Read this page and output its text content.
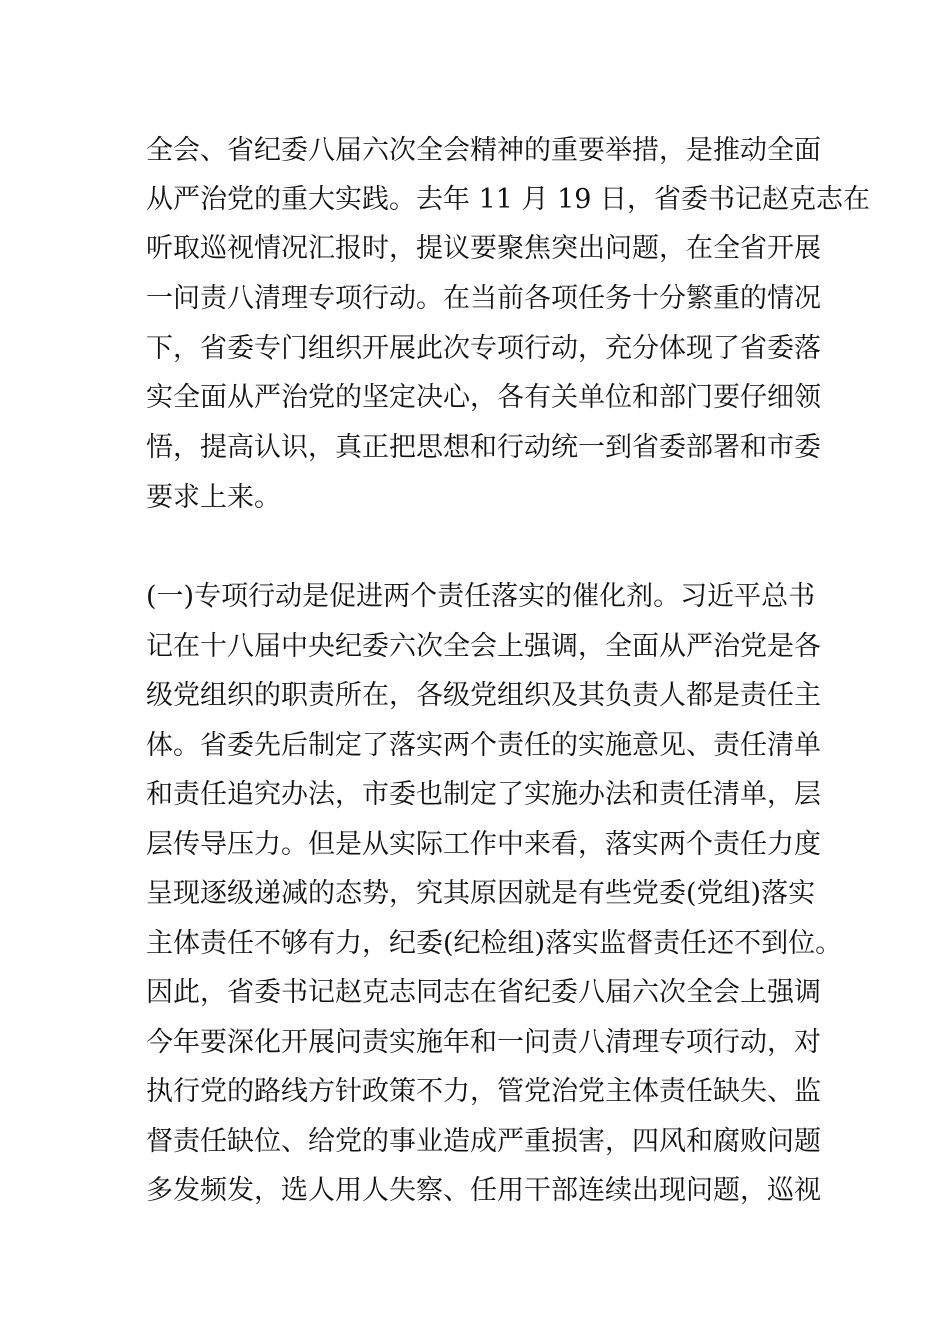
全会、省纪委八届六次全会精神的重要举措，是推动全面
从严治党的重大实践。去年 11 月 19 日，省委书记赵克志在
听取巡视情况汇报时，提议要聚焦突出问题，在全省开展
一问责八清理专项行动。在当前各项任务十分繁重的情况
下，省委专门组织开展此次专项行动，充分体现了省委落
实全面从严治党的坚定决心，各有关单位和部门要仔细领
悟，提高认识，真正把思想和行动统一到省委部署和市委
要求上来。
(一)专项行动是促进两个责任落实的催化剂。习近平总书
记在十八届中央纪委六次全会上强调，全面从严治党是各
级党组织的职责所在，各级党组织及其负责人都是责任主
体。省委先后制定了落实两个责任的实施意见、责任清单
和责任追究办法，市委也制定了实施办法和责任清单，层
层传导压力。但是从实际工作中来看，落实两个责任力度
呈现逐级递减的态势，究其原因就是有些党委(党组)落实
主体责任不够有力，纪委(纪检组)落实监督责任还不到位。
因此，省委书记赵克志同志在省纪委八届六次全会上强调
今年要深化开展问责实施年和一问责八清理专项行动，对
执行党的路线方针政策不力，管党治党主体责任缺失、监
督责任缺位、给党的事业造成严重损害，四风和腐败问题
多发频发，选人用人失察、任用干部连续出现问题，巡视
